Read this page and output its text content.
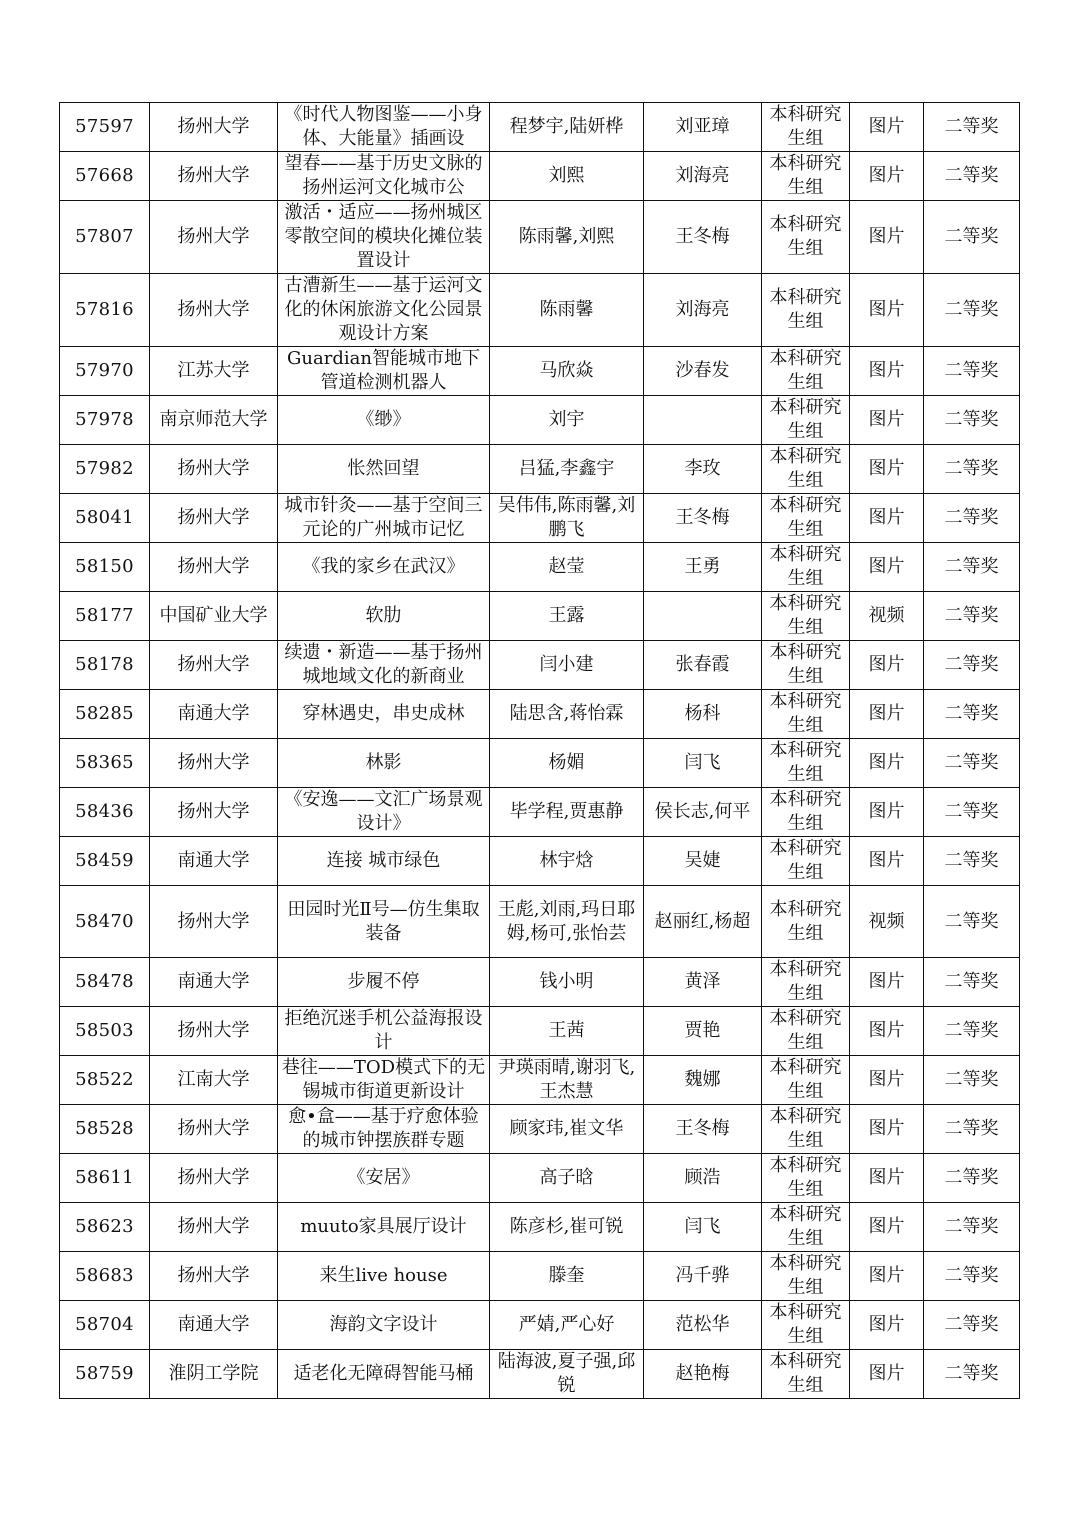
57597	扬州大学	《时代人物图鉴——小身体、大能量》插画设	程梦宇,陆妍桦	刘亚璋	本科研究生组	图片	二等奖

57668	扬州大学	望春——基于历史文脉的扬州运河文化城市公	刘熙	刘海亮	本科研究生组	图片	二等奖

57807	扬州大学	激活・适应——扬州城区零散空间的模块化摊位装置设计	陈雨馨,刘熙	王冬梅	本科研究生组	图片	二等奖

57816	扬州大学	古漕新生——基于运河文化的休闲旅游文化公园景观设计方案	陈雨馨	刘海亮	本科研究生组	图片	二等奖

57970	江苏大学	Guardian智能城市地下管道检测机器人	马欣焱	沙春发	本科研究生组	图片	二等奖

57978	南京师范大学	《缈》	刘宇		本科研究生组	图片	二等奖

57982	扬州大学	怅然回望	吕猛,李鑫宇	李玫	本科研究生组	图片	二等奖

58041	扬州大学	城市针灸——基于空间三元论的广州城市记忆	吴伟伟,陈雨馨,刘鹏飞	王冬梅	本科研究生组	图片	二等奖

58150	扬州大学	《我的家乡在武汉》	赵莹	王勇	本科研究生组	图片	二等奖

58177	中国矿业大学	软肋	王露		本科研究生组	视频	二等奖

58178	扬州大学	续遗・新造——基于扬州城地域文化的新商业	闫小建	张春霞	本科研究生组	图片	二等奖

58285	南通大学	穿林遇史，串史成林	陆思含,蒋怡霖	杨科	本科研究生组	图片	二等奖

58365	扬州大学	林影	杨媚	闫飞	本科研究生组	图片	二等奖

58436	扬州大学	《安逸——文汇广场景观设计》	毕学程,贾惠静	侯长志,何平	本科研究生组	图片	二等奖

58459	南通大学	连接 城市绿色	林宇焓	吴婕	本科研究生组	图片	二等奖

58470	扬州大学	田园时光Ⅱ号—仿生集取装备	王彪,刘雨,玛日耶姆,杨可,张怡芸	赵丽红,杨超	本科研究生组	视频	二等奖

58478	南通大学	步履不停	钱小明	黄泽	本科研究生组	图片	二等奖

58503	扬州大学	拒绝沉迷手机公益海报设计	王茜	贾艳	本科研究生组	图片	二等奖

58522	江南大学	巷往——TOD模式下的无锡城市街道更新设计	尹瑛雨晴,谢羽飞,王杰慧	魏娜	本科研究生组	图片	二等奖

58528	扬州大学	愈•盒——基于疗愈体验的城市钟摆族群专题	顾家玮,崔文华	王冬梅	本科研究生组	图片	二等奖

58611	扬州大学	《安居》	高子晗	顾浩	本科研究生组	图片	二等奖

58623	扬州大学	muuto家具展厅设计	陈彦杉,崔可锐	闫飞	本科研究生组	图片	二等奖

58683	扬州大学	来生live house	滕奎	冯千骅	本科研究生组	图片	二等奖

58704	南通大学	海韵文字设计	严婧,严心好	范松华	本科研究生组	图片	二等奖

58759	淮阴工学院	适老化无障碍智能马桶	陆海波,夏子强,邱锐	赵艳梅	本科研究生组	图片	二等奖
